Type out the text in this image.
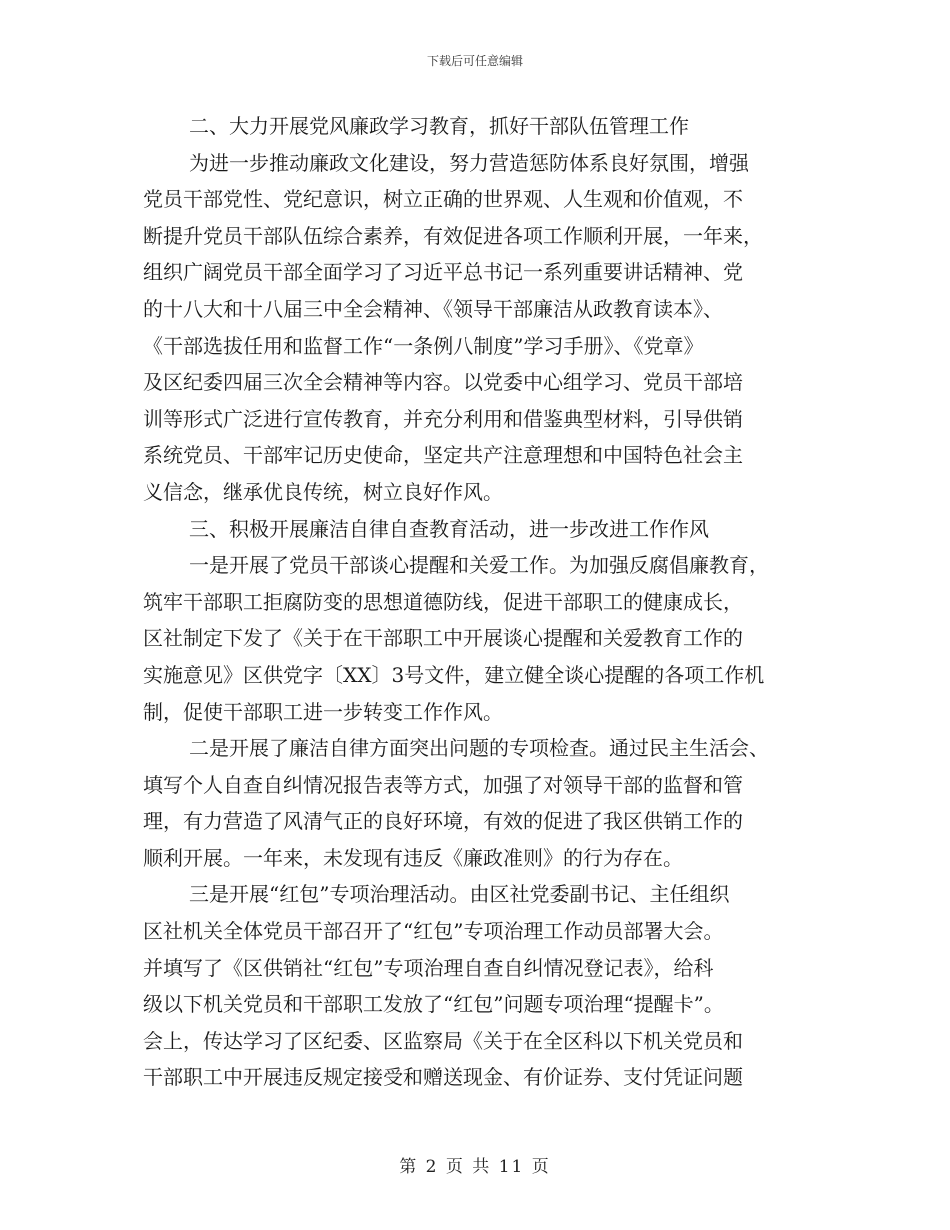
下载后可任意编辑
二、大力开展党风廉政学习教育，抓好干部队伍管理工作
为进一步推动廉政文化建设，努力营造惩防体系良好氛围，增强
党员干部党性、党纪意识，树立正确的世界观、人生观和价值观，不
断提升党员干部队伍综合素养，有效促进各项工作顺利开展，一年来，
组织广阔党员干部全面学习了习近平总书记一系列重要讲话精神、党
的十八大和十八届三中全会精神、《领导干部廉洁从政教育读本》、
《干部选拔任用和监督工作“一条例八制度”学习手册》、《党章》
及区纪委四届三次全会精神等内容。以党委中心组学习、党员干部培
训等形式广泛进行宣传教育，并充分利用和借鉴典型材料，引导供销
系统党员、干部牢记历史使命，坚定共产注意理想和中国特色社会主
义信念，继承优良传统，树立良好作风。
三、积极开展廉洁自律自查教育活动，进一步改进工作作风
一是开展了党员干部谈心提醒和关爱工作。为加强反腐倡廉教育，
筑牢干部职工拒腐防变的思想道德防线，促进干部职工的健康成长，
区社制定下发了《关于在干部职工中开展谈心提醒和关爱教育工作的
实施意见》区供党字〔XX〕3号文件，建立健全谈心提醒的各项工作机
制，促使干部职工进一步转变工作作风。
二是开展了廉洁自律方面突出问题的专项检查。通过民主生活会、
填写个人自查自纠情况报告表等方式，加强了对领导干部的监督和管
理，有力营造了风清气正的良好环境，有效的促进了我区供销工作的
顺利开展。一年来，未发现有违反《廉政准则》的行为存在。
三是开展“红包”专项治理活动。由区社党委副书记、主任组织
区社机关全体党员干部召开了“红包”专项治理工作动员部署大会。
并填写了《区供销社“红包”专项治理自查自纠情况登记表》，给科
级以下机关党员和干部职工发放了“红包”问题专项治理“提醒卡”。
会上，传达学习了区纪委、区监察局《关于在全区科以下机关党员和
干部职工中开展违反规定接受和赠送现金、有价证券、支付凭证问题
第 2 页 共 11 页
